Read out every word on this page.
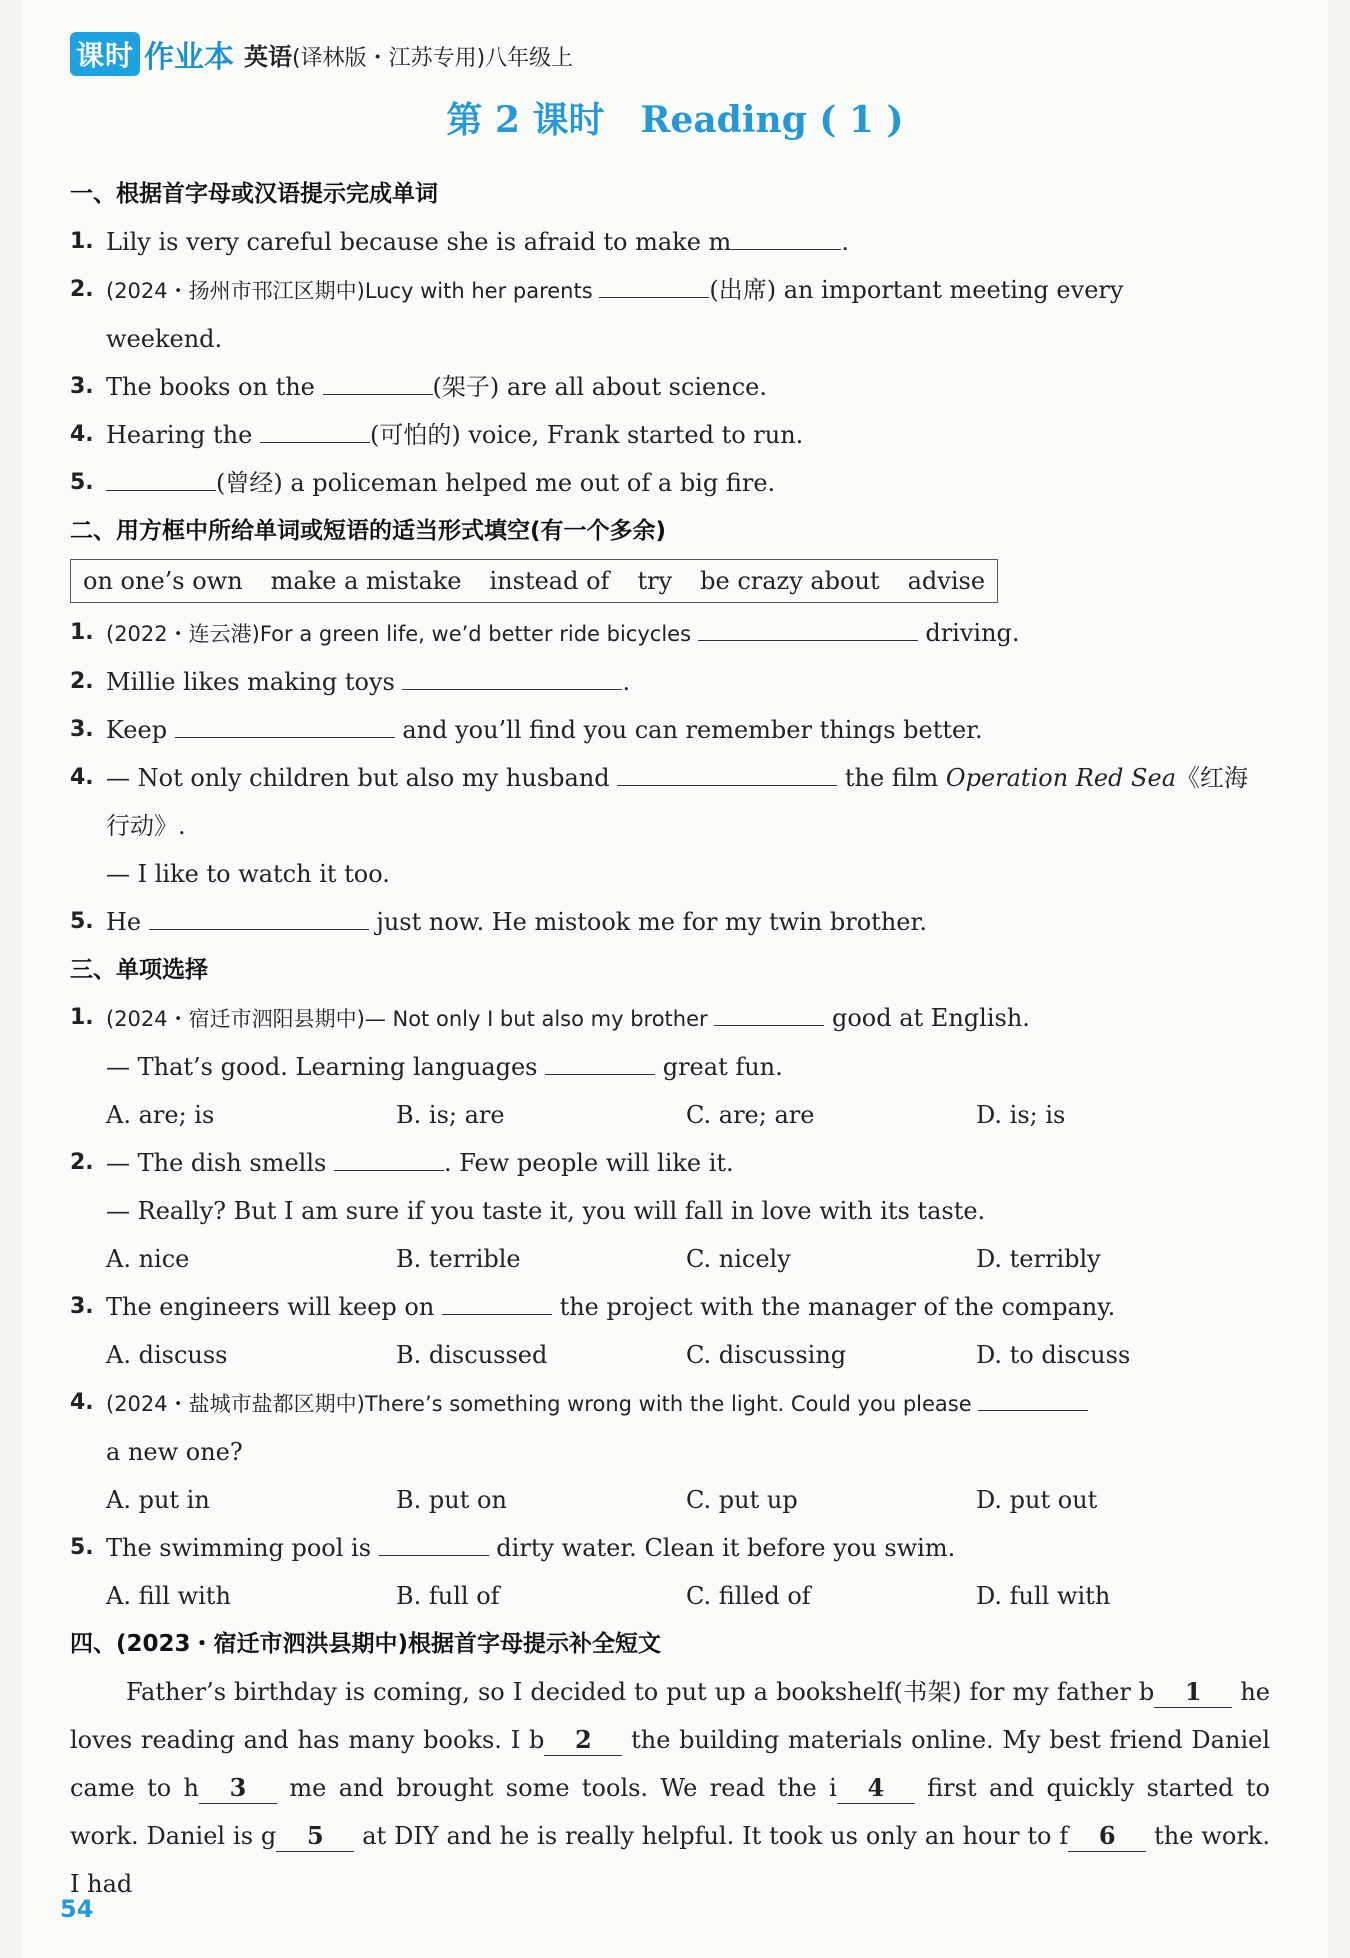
课时 作业本 英语(译林版・江苏专用)八年级上
第 2 课时　Reading ( 1 )
一、根据首字母或汉语提示完成单词
1. Lily is very careful because she is afraid to make m	.
2. (2024・扬州市邗江区期中)Lucy with her parents	(出席) an important meeting every
weekend.
3. The books on the	(架子) are all about science.
4. Hearing the	(可怕的) voice, Frank started to run.
5.	(曾经) a policeman helped me out of a big fire.
二、用方框中所给单词或短语的适当形式填空(有一个多余)
on one’s own make a mistake instead of try be crazy about advise
1. (2022・连云港)For a green life, we’d better ride bicycles	driving.
2. Millie likes making toys	.
3. Keep	and you’ll find you can remember things better.
4. — Not only children but also my husband	the film Operation Red Sea《红海
行动》.
— I like to watch it too.
5. He	just now. He mistook me for my twin brother.
三、单项选择
1. (2024・宿迁市泗阳县期中)— Not only I but also my brother	good at English.
— That’s good. Learning languages	great fun.
A. are; is	B. is; are	C. are; are	D. is; is
2. — The dish smells	. Few people will like it.
— Really? But I am sure if you taste it, you will fall in love with its taste.
A. nice	B. terrible	C. nicely	D. terribly
3. The engineers will keep on	the project with the manager of the company.
A. discuss	B. discussed	C. discussing	D. to discuss
4. (2024・盐城市盐都区期中)There’s something wrong with the light. Could you please
a new one?
A. put in	B. put on	C. put up	D. put out
5. The swimming pool is	dirty water. Clean it before you swim.
A. fill with	B. full of	C. filled of	D. full with
四、(2023・宿迁市泗洪县期中)根据首字母提示补全短文
Father’s birthday is coming, so I decided to put up a bookshelf(书架) for my father b 1 he loves reading and has many books. I b 2 the building materials online. My best friend Daniel came to h 3 me and brought some tools. We read the i 4 first and quickly started to work. Daniel is g 5 at DIY and he is really helpful. It took us only an hour to f 6 the work. I had
54
